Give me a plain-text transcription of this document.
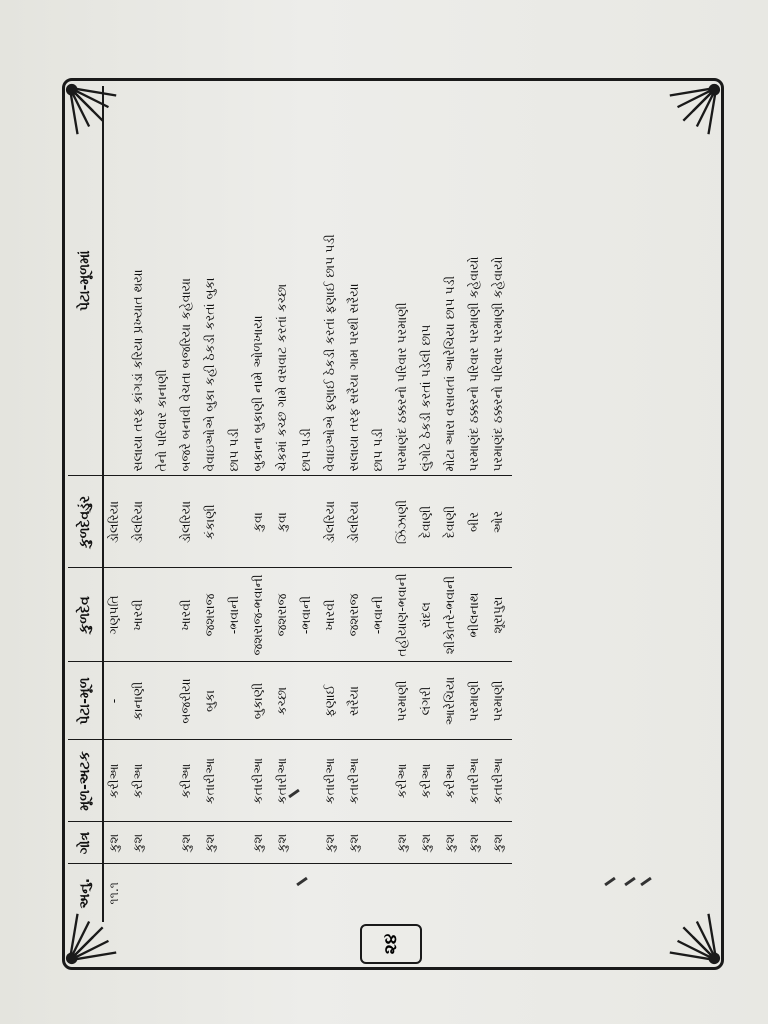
અનુ.	ગોત્ર	મૂળ-અટક	પેટા-મૂળ	કુળદેવ	કુળદેવડુંર	પેટા-મૂળમાં
૧૧.૧	કુશ	કરીઆ	-	ગણપતિ	ડોલરિયા	
	કુશ	કરીઆ	કાનાણી	ખારવી	ડોલરિયા	સલાયા તરફ કાંગડાં કરિયા પ્રખ્યાત થયા
						તેનો પરિવાર કાનાણી
	કુશ	કરીઆ	બજરીયા	ખારવી	ડોલરિયા	બજરે બનાવી વેચતા બજરિયા કહેવાયા
	કુશ	કતારીઆ	બુકા	જશરાજ	કંકાણી	વેવાઇઓએ બુકા કહી ઠેકડી કરતાં બુકા
				-ભવાની		છાપ પડી
	કુશ	કતારીઆ	બુકાણી	જશરાજ-ભવાની	કુવા	બુકાના બુકાણી નામે ઓળખાયા
	કુશ	કતારીઆ	કચ્છા	જશરાજ	કુવા	ચેકમાં કચ્છ ગામે વસવાટ કરતાં કચ્છા
				-ભવાની		છાપ પડી
	કુશ	કતારીઆ	ફણાઈ	ખારવી	ડોલરિયા	વેવાઇઓએ ફણાઈ ઠેકડી કરતાં ફણાઈ છાપ પડી
	કુશ	કતારીઆ	સરૈયા	જશરાજ	ડોલરિયા	સલાયા તરફ સરૈયા ગામ પરથી સરૈયા
				-ભવાની		છાપ પડી
	કુશ	કરીઆ	પરમાણી	તહીયાણ-ભવાની	ઝિંઝાણી	પરમાણંદ ઠક્કરનો પરિવાર પરમાણી
	કુશ	કરીઆ	લંગરી	રાંદલ	દેવાણી	લુંગોટે ઠેકડી કરતાં પડેલી છાપ
	કુશ	કરીઆ	આરેચિયા	શીકોતરે-ભવાની	દેવાણી	મોટા આરા વસાવતાં આરેચિયા છાપ પડી
	કુશ	કતારીઆ	પરમાણી	ભીલનાથ	બીર	પરમાણંદ ઠક્કરનો પરિવાર પરમાણી કહેવાયો
	કુશ	કતારીઆ	પરમાણી	શૂરાપુરા	ઓર	પરમાણંદ ઠક્કરનો પરિવાર પરમાણી કહેવાયો
૨૪
